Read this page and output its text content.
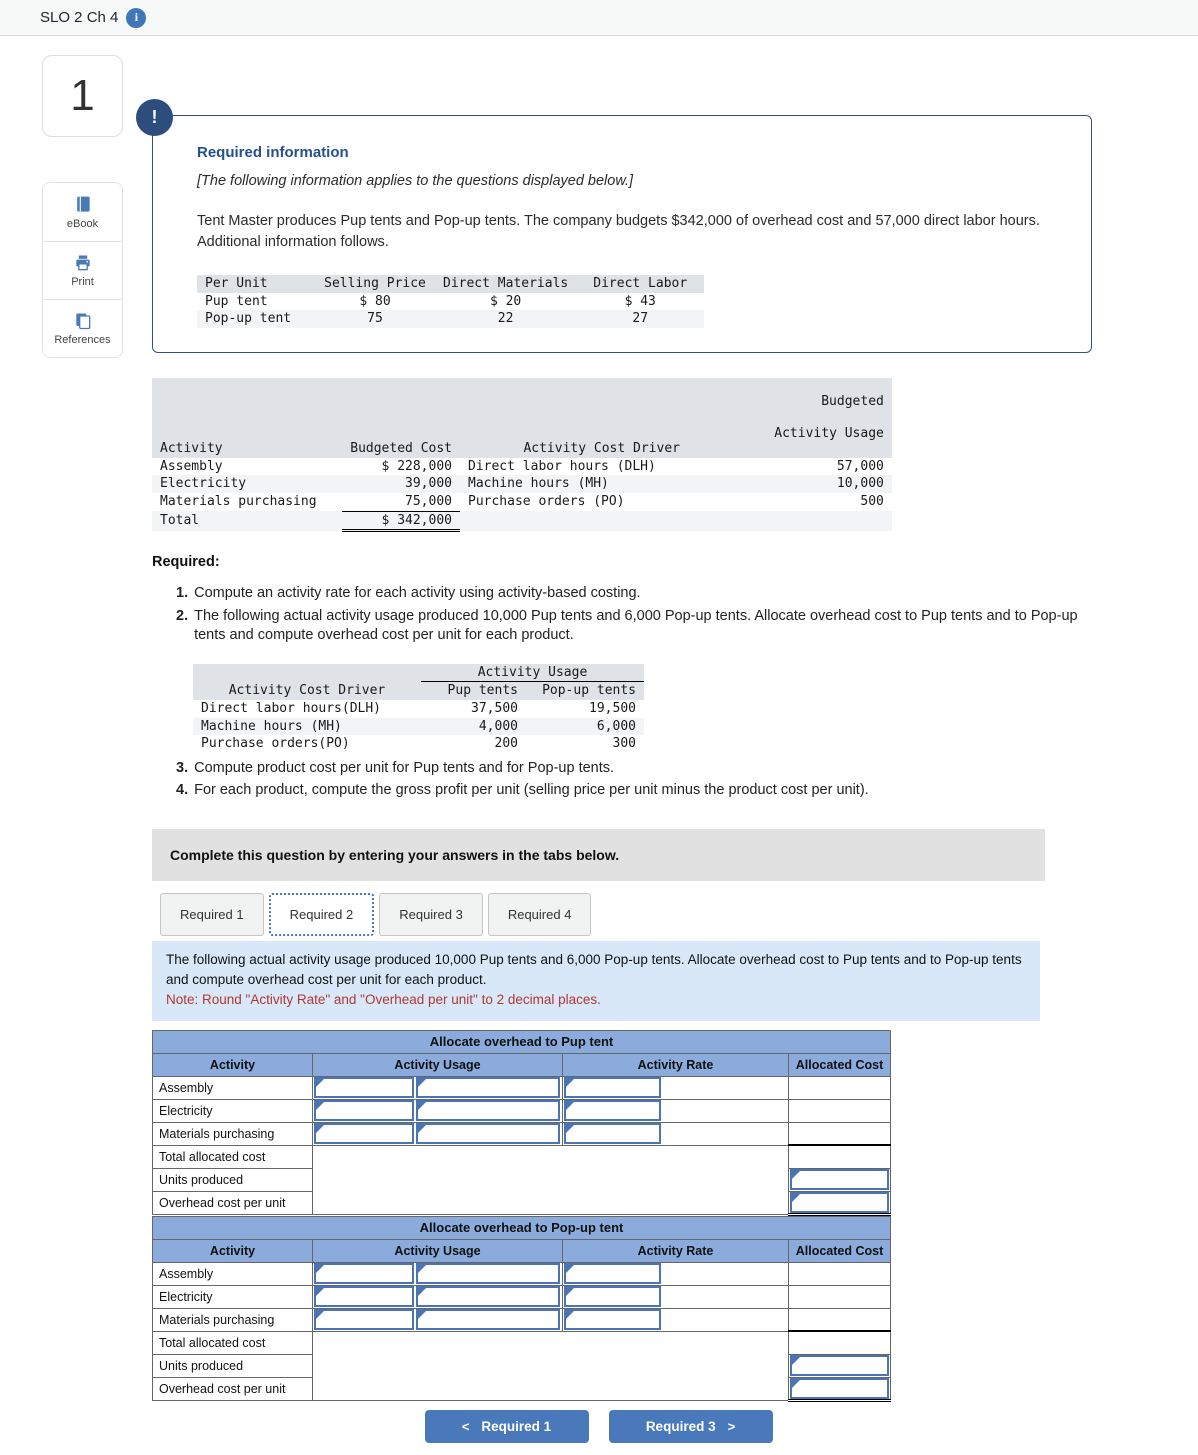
SLO 2 Ch 4	i
1
eBook
Print
References
!
Required information
[The following information applies to the questions displayed below.]
Tent Master produces Pup tents and Pop-up tents. The company budgets $342,000 of overhead cost and 57,000 direct labor hours. Additional information follows.
Per Unit	Selling Price	Direct Materials	Direct Labor
Pup tent	$ 80	$ 20	$ 43
Pop-up tent	75	22	27
Activity	Budgeted Cost	Activity Cost Driver	Budgeted

Activity Usage

Assembly	$ 228,000	Direct labor hours (DLH)	57,000
Electricity	39,000	Machine hours (MH)	10,000
Materials purchasing	75,000	Purchase orders (PO)	500
Total	$ 342,000		
Required:
1. Compute an activity rate for each activity using activity-based costing.
2. The following actual activity usage produced 10,000 Pup tents and 6,000 Pop-up tents. Allocate overhead cost to Pup tents and to Pop-up tents and compute overhead cost per unit for each product.
	Activity Usage	
Activity Cost Driver	Pup tents	Pop-up tents
Direct labor hours(DLH)	37,500	19,500
Machine hours (MH)	4,000	6,000
Purchase orders(PO)	200	300
3. Compute product cost per unit for Pup tents and for Pop-up tents.
4. For each product, compute the gross profit per unit (selling price per unit minus the product cost per unit).
Complete this question by entering your answers in the tabs below.
Required 1	Required 2	Required 3	Required 4
The following actual activity usage produced 10,000 Pup tents and 6,000 Pop-up tents. Allocate overhead cost to Pup tents and to Pop-up tents and compute overhead cost per unit for each product.
Note: Round "Activity Rate" and "Overhead per unit" to 2 decimal places.
Allocate overhead to Pup tent			
Activity	Activity Usage	Activity Rate	Allocated Cost
Assembly	

Electricity	

Materials purchasing	

Total allocated cost			
Units produced	

Overhead cost per unit	
Allocate overhead to Pop-up tent			
Activity	Activity Usage	Activity Rate	Allocated Cost
Assembly	

Electricity	

Materials purchasing	

Total allocated cost			
Units produced	

Overhead cost per unit	
< Required 1	Required 3 >
